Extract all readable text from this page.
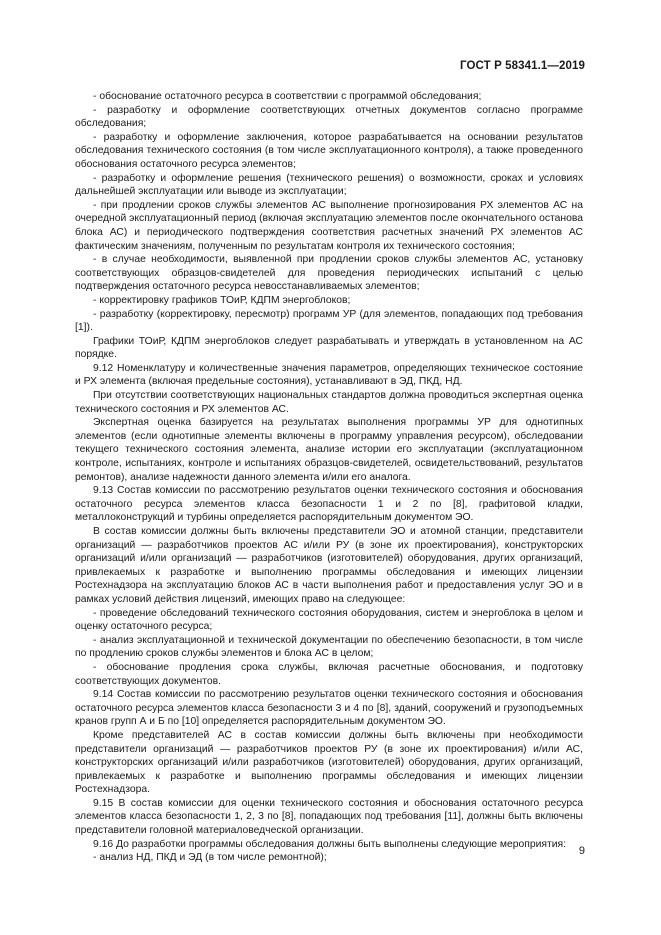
ГОСТ Р 58341.1—2019

- обоснование остаточного ресурса в соответствии с программой обследования;

- разработку и оформление соответствующих отчетных документов согласно программе обследования;

- разработку и оформление заключения, которое разрабатывается на основании результатов обследования технического состояния (в том числе эксплуатационного контроля), а также проведенного обоснования остаточного ресурса элементов;

- разработку и оформление решения (технического решения) о возможности, сроках и условиях дальнейшей эксплуатации или выводе из эксплуатации;

- при продлении сроков службы элементов АС выполнение прогнозирования РХ элементов АС на очередной эксплуатационный период (включая эксплуатацию элементов после окончательного останова блока АС) и периодического подтверждения соответствия расчетных значений РХ элементов АС фактическим значениям, полученным по результатам контроля их технического состояния;

- в случае необходимости, выявленной при продлении сроков службы элементов АС, установку соответствующих образцов-свидетелей для проведения периодических испытаний с целью подтверждения остаточного ресурса невосстанавливаемых элементов;

- корректировку графиков ТОиР, КДПМ энергоблоков;

- разработку (корректировку, пересмотр) программ УР (для элементов, попадающих под требования [1]).

Графики ТОиР, КДПМ энергоблоков следует разрабатывать и утверждать в установленном на АС порядке.

9.12 Номенклатуру и количественные значения параметров, определяющих техническое состояние и РХ элемента (включая предельные состояния), устанавливают в ЭД, ПКД, НД.

При отсутствии соответствующих национальных стандартов должна проводиться экспертная оценка технического состояния и РХ элементов АС.

Экспертная оценка базируется на результатах выполнения программы УР для однотипных элементов (если однотипные элементы включены в программу управления ресурсом), обследовании текущего технического состояния элемента, анализе истории его эксплуатации (эксплуатационном контроле, испытаниях, контроле и испытаниях образцов-свидетелей, освидетельствований, результатов ремонтов), анализе надежности данного элемента и/или его аналога.

9.13 Состав комиссии по рассмотрению результатов оценки технического состояния и обоснования остаточного ресурса элементов класса безопасности 1 и 2 по [8], графитовой кладки, металлоконструкций и турбины определяется распорядительным документом ЭО.

В состав комиссии должны быть включены представители ЭО и атомной станции, представители организаций — разработчиков проектов АС и/или РУ (в зоне их проектирования), конструкторских организаций и/или организаций — разработчиков (изготовителей) оборудования, других организаций, привлекаемых к разработке и выполнению программы обследования и имеющих лицензии Ростехнадзора на эксплуатацию блоков АС в части выполнения работ и предоставления услуг ЭО и в рамках условий действия лицензий, имеющих право на следующее:

- проведение обследований технического состояния оборудования, систем и энергоблока в целом и оценку остаточного ресурса;

- анализ эксплуатационной и технической документации по обеспечению безопасности, в том числе по продлению сроков службы элементов и блока АС в целом;

- обоснование продления срока службы, включая расчетные обоснования, и подготовку соответствующих документов.

9.14 Состав комиссии по рассмотрению результатов оценки технического состояния и обоснования остаточного ресурса элементов класса безопасности 3 и 4 по [8], зданий, сооружений и грузоподъемных кранов групп А и Б по [10] определяется распорядительным документом ЭО.

Кроме представителей АС в состав комиссии должны быть включены при необходимости представители организаций — разработчиков проектов РУ (в зоне их проектирования) и/или АС, конструкторских организаций и/или разработчиков (изготовителей) оборудования, других организаций, привлекаемых к разработке и выполнению программы обследования и имеющих лицензии Ростехнадзора.

9.15 В состав комиссии для оценки технического состояния и обоснования остаточного ресурса элементов класса безопасности 1, 2, 3 по [8], попадающих под требования [11], должны быть включены представители головной материаловедческой организации.

9.16 До разработки программы обследования должны быть выполнены следующие мероприятия:

- анализ НД, ПКД и ЭД (в том числе ремонтной);

9
